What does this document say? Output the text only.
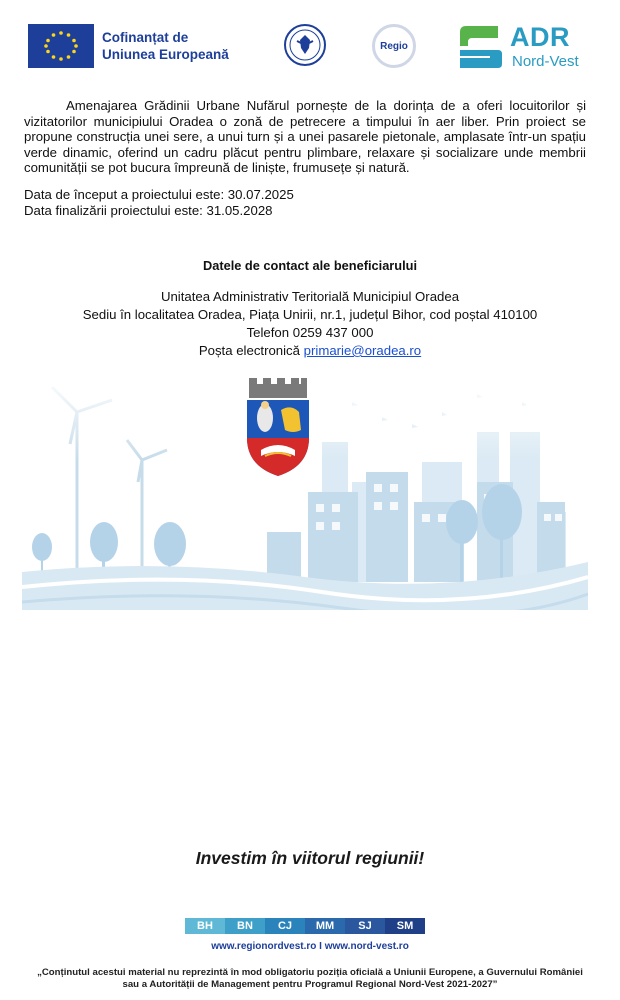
Cofinanțat de
Uniunea Europeană
Regio	ADR
Nord-Vest

Amenajarea Grădinii Urbane Nufărul pornește de la dorința de a oferi locuitorilor și vizitatorilor municipiului Oradea o zonă de petrecere a timpului în aer liber. Prin proiect se propune construcția unei sere, a unui turn și a unei pasarele pietonale, amplasate într-un spațiu verde dinamic, oferind un cadru plăcut pentru plimbare, relaxare și socializare unde membrii comunității se pot bucura împreună de liniște, frumusețe și natură.

Data de început a proiectului este: 30.07.2025
Data finalizării proiectului este: 31.05.2028
Datele de contact ale beneficiarului
Unitatea Administrativ Teritorială Municipiul Oradea
Sediu în localitatea Oradea, Piața Unirii, nr.1, județul Bihor, cod poștal 410100
Telefon 0259 437 000
Poșta electronică primarie@oradea.ro
Investim în viitorul regiunii!
BH	BN	CJ	MM	SJ	SM
www.regionordvest.ro I www.nord-vest.ro
„Conținutul acestui material nu reprezintă în mod obligatoriu poziția oficială a Uniunii Europene, a Guvernului României sau a Autorității de Management pentru Programul Regional Nord-Vest 2021-2027”
